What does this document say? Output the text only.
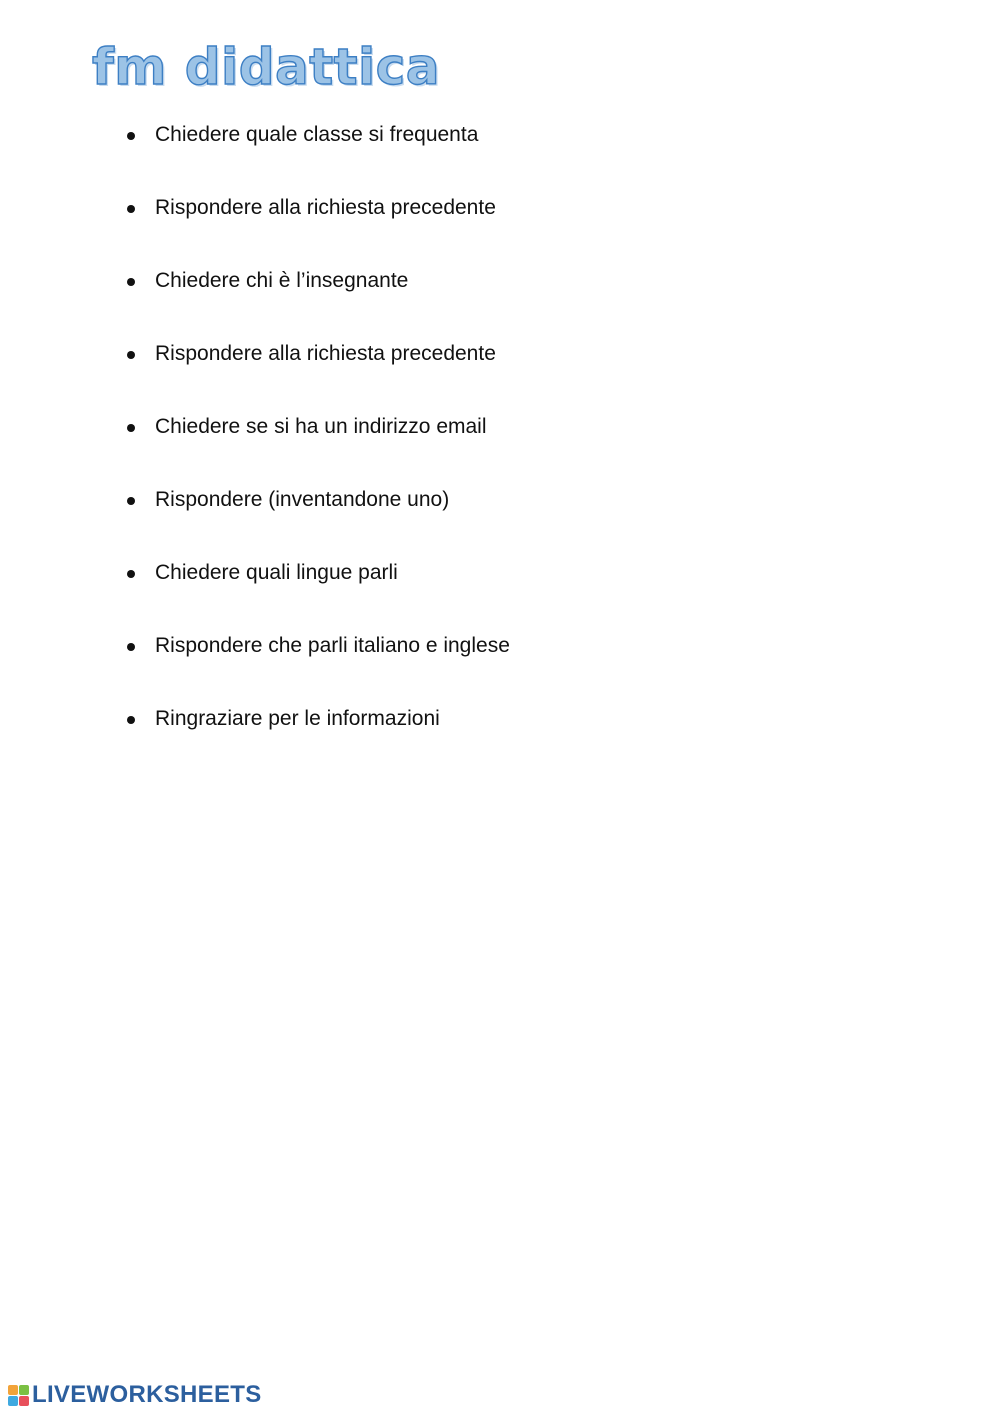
fm didattica
Chiedere quale classe si frequenta
Rispondere alla richiesta precedente
Chiedere chi è l’insegnante
Rispondere alla richiesta precedente
Chiedere se si ha un indirizzo email
Rispondere (inventandone uno)
Chiedere quali lingue parli
Rispondere che parli italiano e inglese
Ringraziare per le informazioni
LIVEWORKSHEETS
